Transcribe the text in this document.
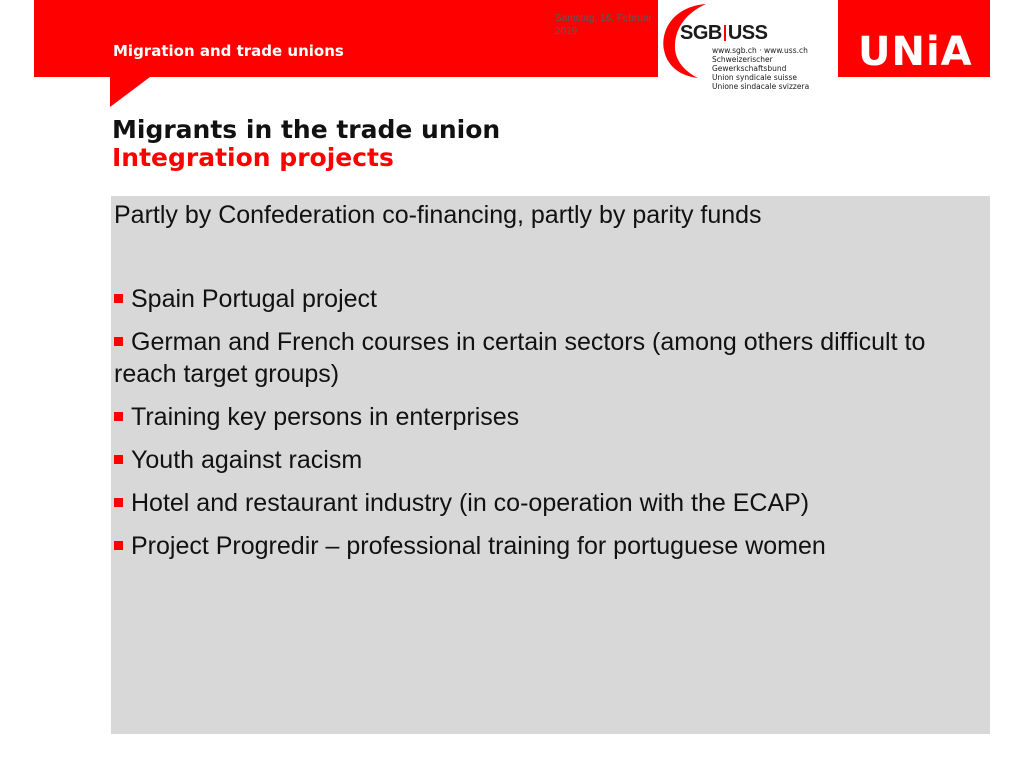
Migration and trade unions
Samstag, 16. Februar 2019	SGB USS
www.sgb.ch · www.uss.ch
Schweizerischer Gewerkschaftsbund
Union syndicale suisse
Unione sindacale svizzera
UNiA
Migrants in the trade union
Integration projects
Partly by Confederation co-financing, partly by parity funds
Spain Portugal project
German and French courses in certain sectors (among others difficult to reach target groups)
Training key persons in enterprises
Youth against racism
Hotel and restaurant industry (in co-operation with the ECAP)
Project Progredir – professional training for portuguese women
